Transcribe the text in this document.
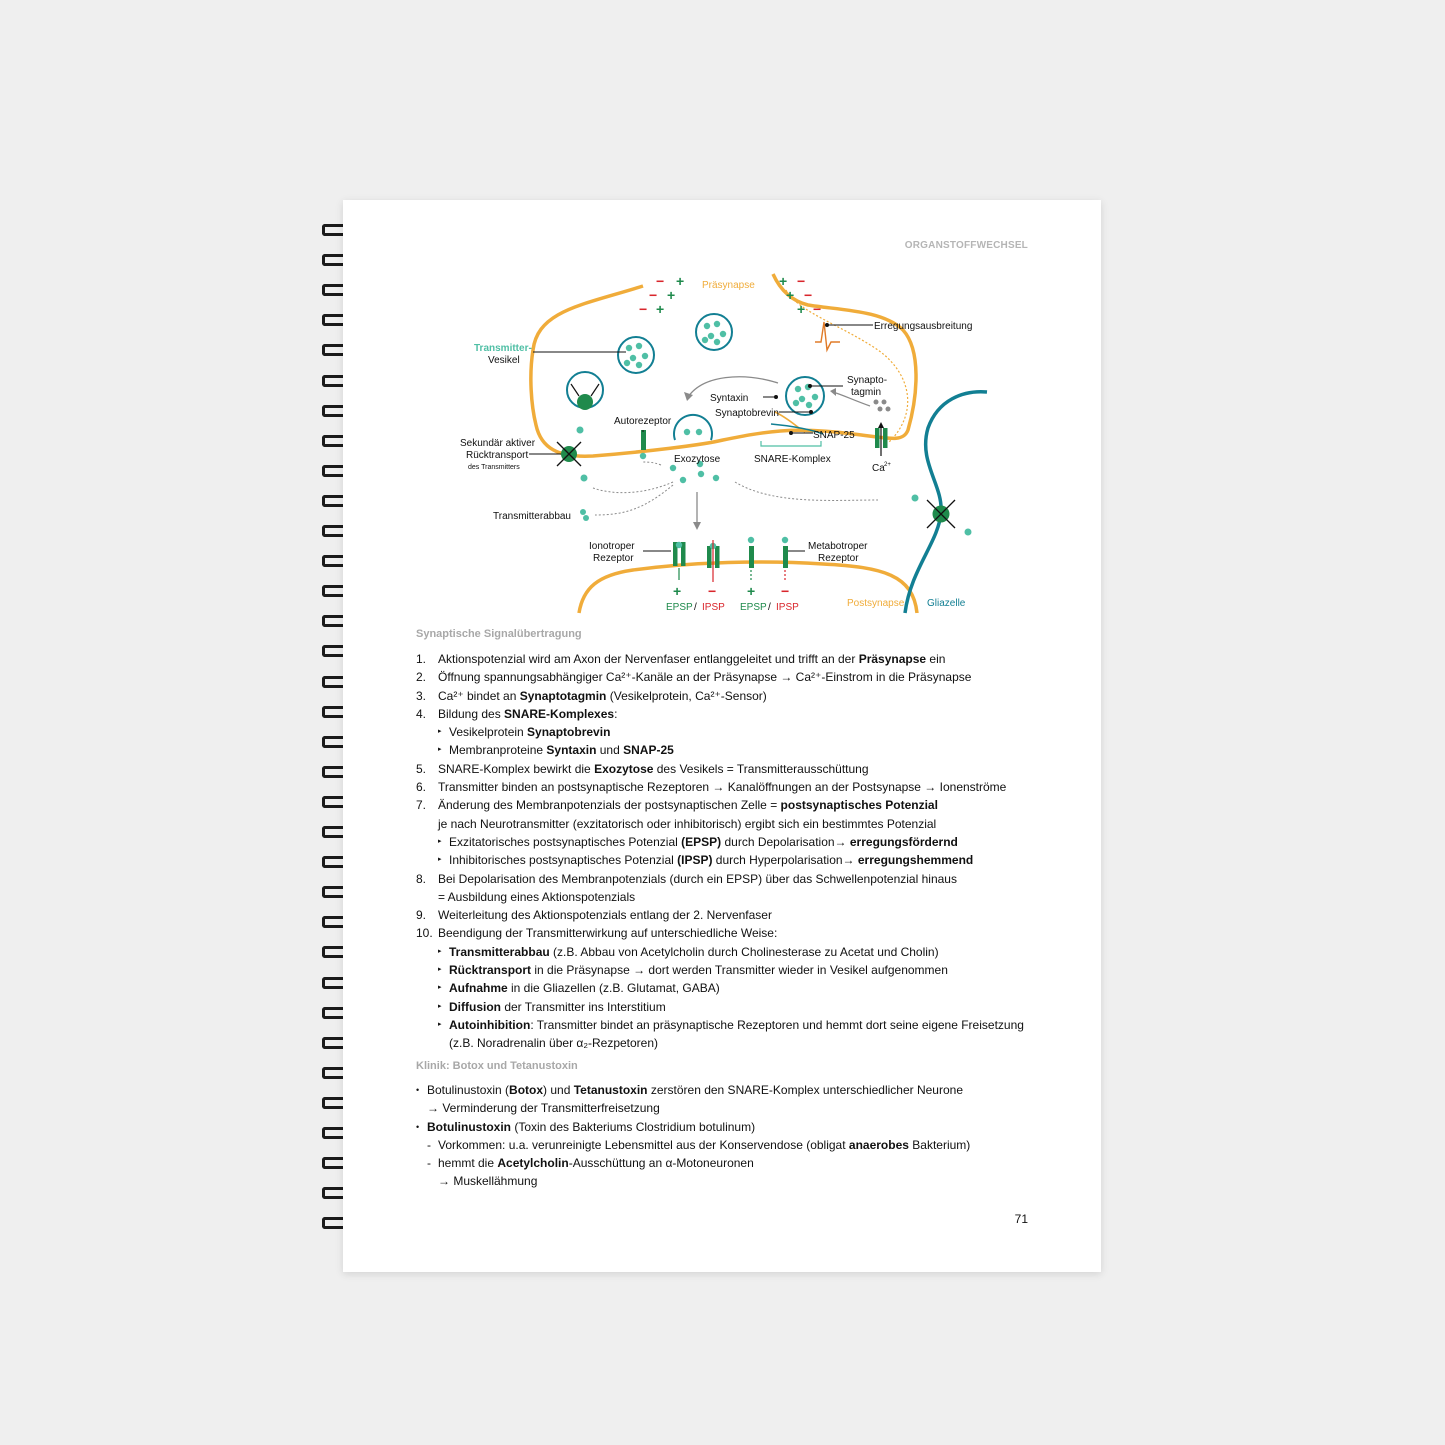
ORGANSTOFFWECHSEL
− +
− +
− +
+ −
+ −
+ −
+ − + −
Präsynapse
Erregungsausbreitung
Transmitter-
Vesikel
Synapto-
tagmin
Syntaxin
Synaptobrevin
SNAP-25
Autorezeptor
Exozytose	SNARE-Komplex
Ca 2+
Sekundär aktiver
Rücktransport
des Transmitters
Transmitterabbau
Ionotroper
Rezeptor
Metabotroper
Rezeptor
EPSP / IPSP EPSP / IPSP	Postsynapse Gliazelle
Synaptische Signalübertragung
1. Aktionspotenzial wird am Axon der Nervenfaser entlanggeleitet und trifft an der Präsynapse ein
2. Öffnung spannungsabhängiger Ca²⁺-Kanäle an der Präsynapse → Ca²⁺-Einstrom in die Präsynapse
3. Ca²⁺ bindet an Synaptotagmin (Vesikelprotein, Ca²⁺-Sensor)
4. Bildung des SNARE-Komplexes:
▸ Vesikelprotein Synaptobrevin
▸ Membranproteine Syntaxin und SNAP-25
5. SNARE-Komplex bewirkt die Exozytose des Vesikels = Transmitterausschüttung
6. Transmitter binden an postsynaptische Rezeptoren → Kanalöffnungen an der Postsynapse → Ionenströme
7. Änderung des Membranpotenzials der postsynaptischen Zelle = postsynaptisches Potenzial
je nach Neurotransmitter (exzitatorisch oder inhibitorisch) ergibt sich ein bestimmtes Potenzial
▸ Exzitatorisches postsynaptisches Potenzial (EPSP) durch Depolarisation→ erregungsfördernd
▸ Inhibitorisches postsynaptisches Potenzial (IPSP) durch Hyperpolarisation→ erregungshemmend
8. Bei Depolarisation des Membranpotenzials (durch ein EPSP) über das Schwellenpotenzial hinaus
= Ausbildung eines Aktionspotenzials
9. Weiterleitung des Aktionspotenzials entlang der 2. Nervenfaser
10. Beendigung der Transmitterwirkung auf unterschiedliche Weise:
▸ Transmitterabbau (z.B. Abbau von Acetylcholin durch Cholinesterase zu Acetat und Cholin)
▸ Rücktransport in die Präsynapse → dort werden Transmitter wieder in Vesikel aufgenommen
▸ Aufnahme in die Gliazellen (z.B. Glutamat, GABA)
▸ Diffusion der Transmitter ins Interstitium
▸ Autoinhibition: Transmitter bindet an präsynaptische Rezeptoren und hemmt dort seine eigene Freisetzung
(z.B. Noradrenalin über α₂-Rezpetoren)
Klinik: Botox und Tetanustoxin
• Botulinustoxin (Botox) und Tetanustoxin zerstören den SNARE-Komplex unterschiedlicher Neurone
→ Verminderung der Transmitterfreisetzung
• Botulinustoxin (Toxin des Bakteriums Clostridium botulinum)
- Vorkommen: u.a. verunreinigte Lebensmittel aus der Konservendose (obligat anaerobes Bakterium)
- hemmt die Acetylcholin-Ausschüttung an α-Motoneuronen
→ Muskellähmung
71
